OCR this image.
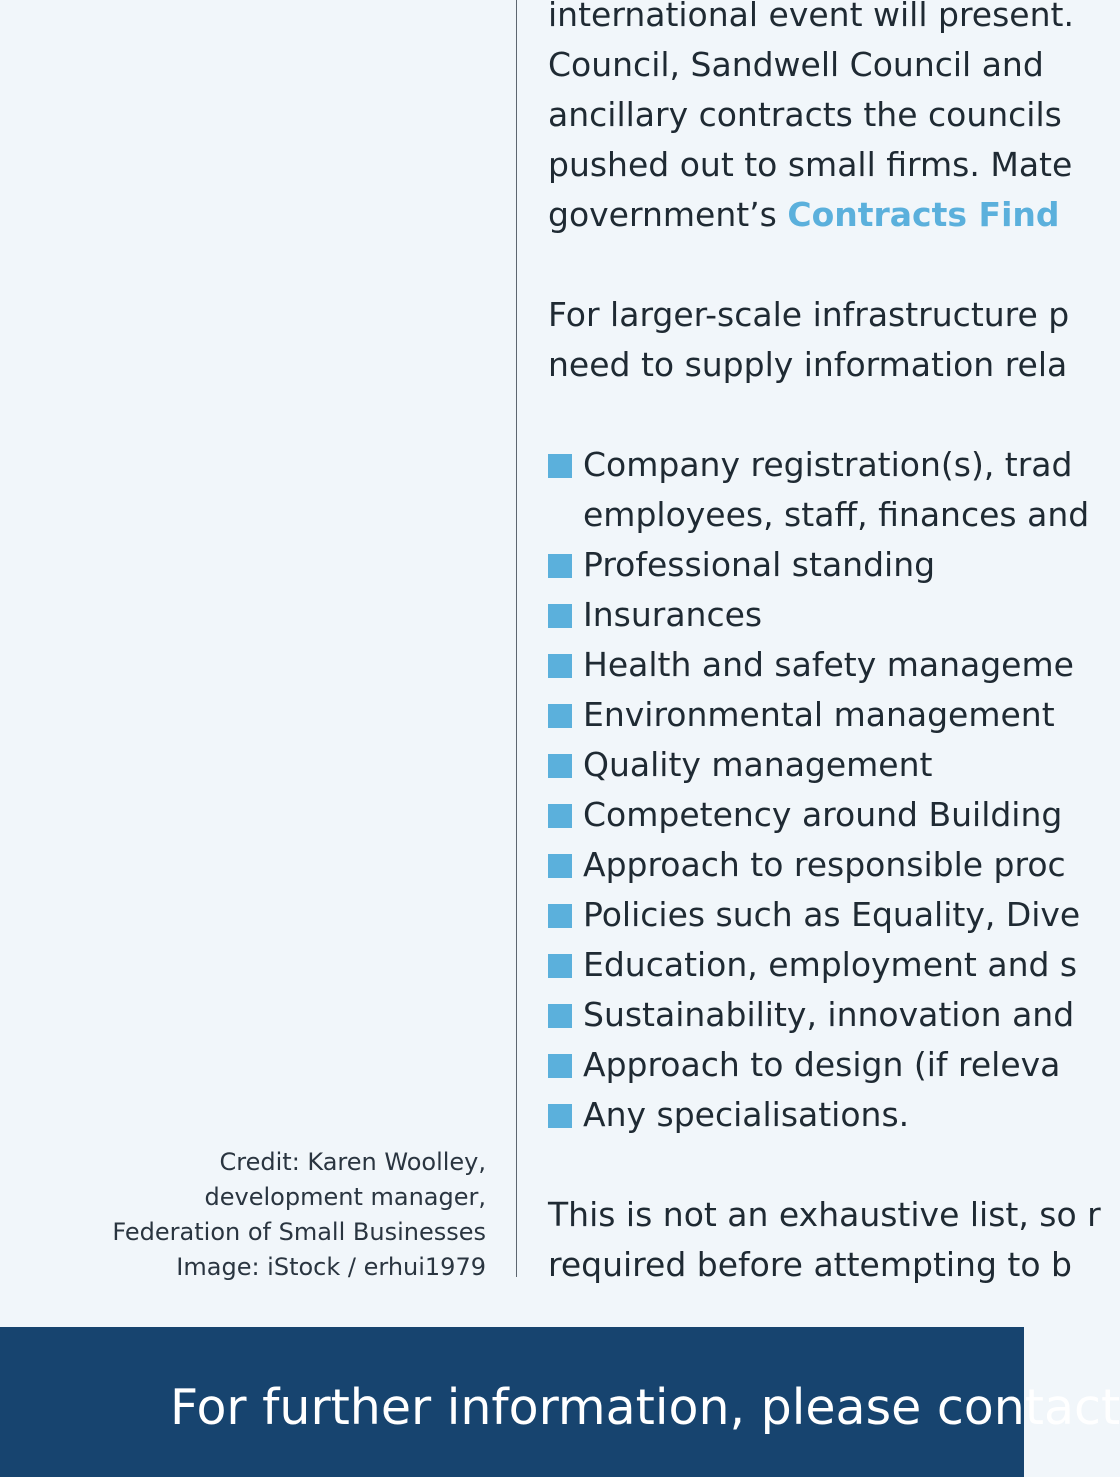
Credit: Karen Woolley,
development manager,
Federation of Small Businesses
Image: iStock / erhui1979
international event will present.
Council, Sandwell Council and
ancillary contracts the councils
pushed out to small firms. Mate
government’s Contracts Find
For larger-scale infrastructure p
need to supply information rela
Company registration(s), trad
employees, staff, finances and
Professional standing
Insurances
Health and safety manageme
Environmental management
Quality management
Competency around Building
Approach to responsible proc
Policies such as Equality, Dive
Education, employment and s
Sustainability, innovation and
Approach to design (if releva
Any specialisations.
This is not an exhaustive list, so r
required before attempting to b
For further information, please contact
